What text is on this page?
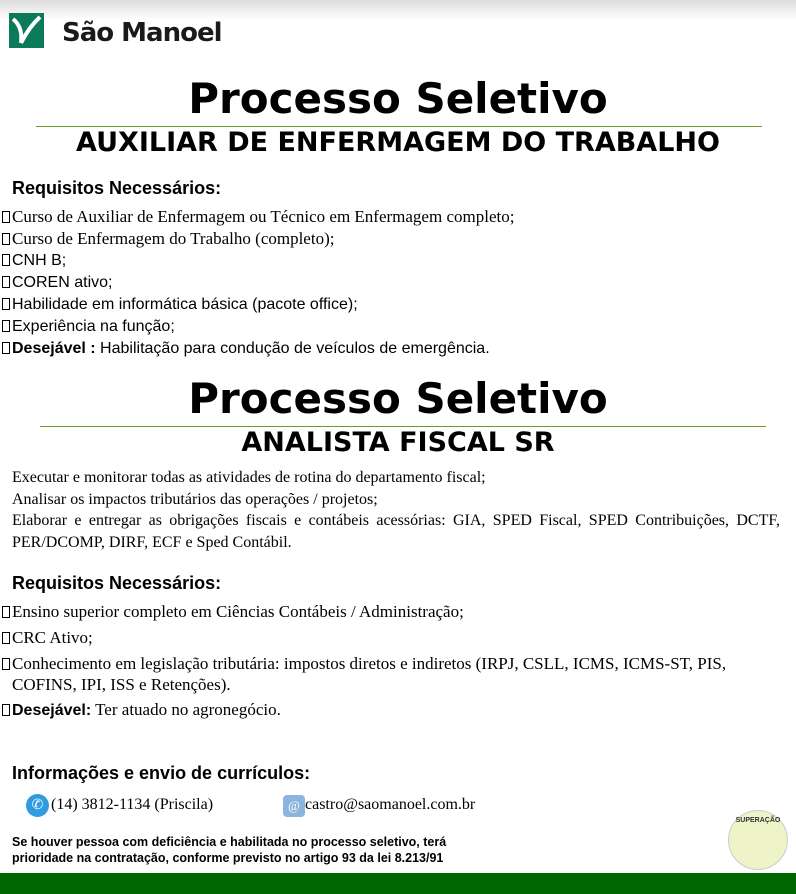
São Manoel
Processo Seletivo
AUXILIAR DE ENFERMAGEM DO TRABALHO
Requisitos Necessários:
Curso de Auxiliar de Enfermagem ou Técnico em Enfermagem completo;
Curso de Enfermagem do Trabalho (completo);
CNH B;
COREN ativo;
Habilidade em informática básica (pacote office);
Experiência na função;
Desejável : Habilitação para condução de veículos de emergência.
Processo Seletivo
ANALISTA FISCAL SR
Executar e monitorar todas as atividades de rotina do departamento fiscal;
Analisar os impactos tributários das operações / projetos;
Elaborar e entregar as obrigações fiscais e contábeis acessórias: GIA, SPED Fiscal, SPED Contribuições, DCTF, PER/DCOMP, DIRF, ECF e Sped Contábil.
Requisitos Necessários:
Ensino superior completo em Ciências Contábeis / Administração;
CRC Ativo;
Conhecimento em legislação tributária: impostos diretos e indiretos (IRPJ, CSLL, ICMS, ICMS-ST, PIS,
COFINS, IPI, ISS e Retenções).
Desejável: Ter atuado no agronegócio.
Informações e envio de currículos:
✆ (14) 3812-1134 (Priscila)	@ castro@saomanoel.com.br
Se houver pessoa com deficiência e habilitada no processo seletivo, terá
prioridade na contratação, conforme previsto no artigo 93 da lei 8.213/91
SUPERAÇÃO
